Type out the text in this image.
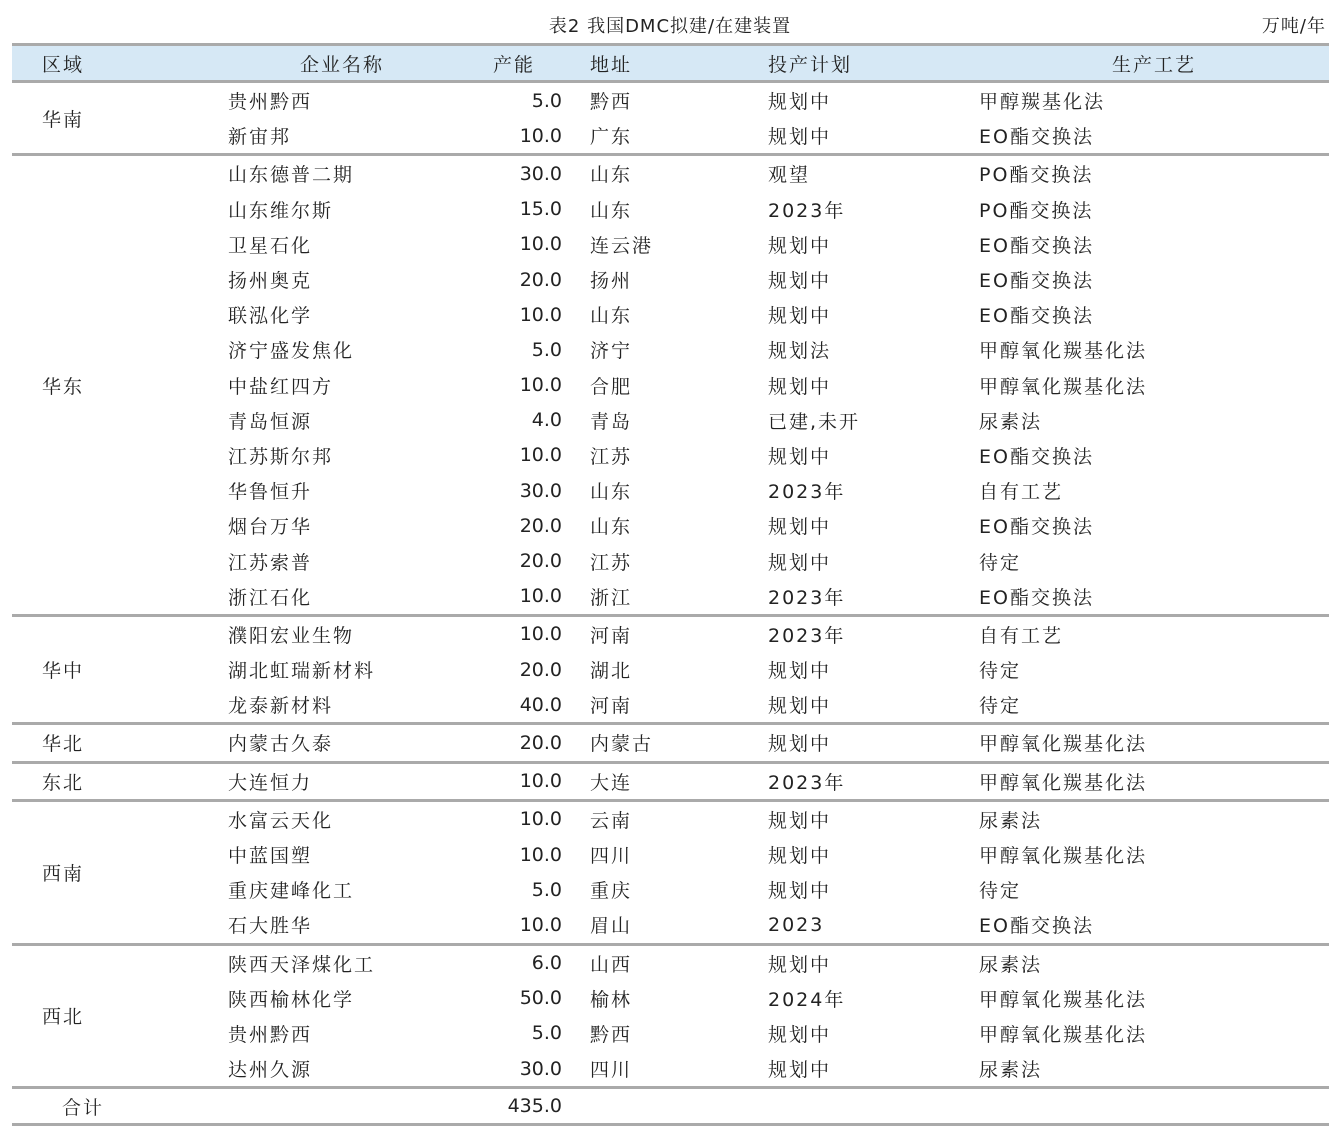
表2 我国DMC拟建/在建装置	万吨/年
区域	企业名称	产能	地址	投产计划	生产工艺
华南	贵州黔西	5.0	黔西	规划中	甲醇羰基化法
	新宙邦	10.0	广东	规划中	EO酯交换法
华东	山东德普二期	30.0	山东	观望	PO酯交换法
	山东维尔斯	15.0	山东	2023年	PO酯交换法
	卫星石化	10.0	连云港	规划中	EO酯交换法
	扬州奥克	20.0	扬州	规划中	EO酯交换法
	联泓化学	10.0	山东	规划中	EO酯交换法
	济宁盛发焦化	5.0	济宁	规划法	甲醇氧化羰基化法
	中盐红四方	10.0	合肥	规划中	甲醇氧化羰基化法
	青岛恒源	4.0	青岛	已建,未开	尿素法
	江苏斯尔邦	10.0	江苏	规划中	EO酯交换法
	华鲁恒升	30.0	山东	2023年	自有工艺
	烟台万华	20.0	山东	规划中	EO酯交换法
	江苏索普	20.0	江苏	规划中	待定
	浙江石化	10.0	浙江	2023年	EO酯交换法
华中	濮阳宏业生物	10.0	河南	2023年	自有工艺
	湖北虹瑞新材料	20.0	湖北	规划中	待定
	龙泰新材料	40.0	河南	规划中	待定
华北	内蒙古久泰	20.0	内蒙古	规划中	甲醇氧化羰基化法
东北	大连恒力	10.0	大连	2023年	甲醇氧化羰基化法
西南	水富云天化	10.0	云南	规划中	尿素法
	中蓝国塑	10.0	四川	规划中	甲醇氧化羰基化法
	重庆建峰化工	5.0	重庆	规划中	待定
	石大胜华	10.0	眉山	2023	EO酯交换法
西北	陕西天泽煤化工	6.0	山西	规划中	尿素法
	陕西榆林化学	50.0	榆林	2024年	甲醇氧化羰基化法
	贵州黔西	5.0	黔西	规划中	甲醇氧化羰基化法
	达州久源	30.0	四川	规划中	尿素法
合计		435.0			
